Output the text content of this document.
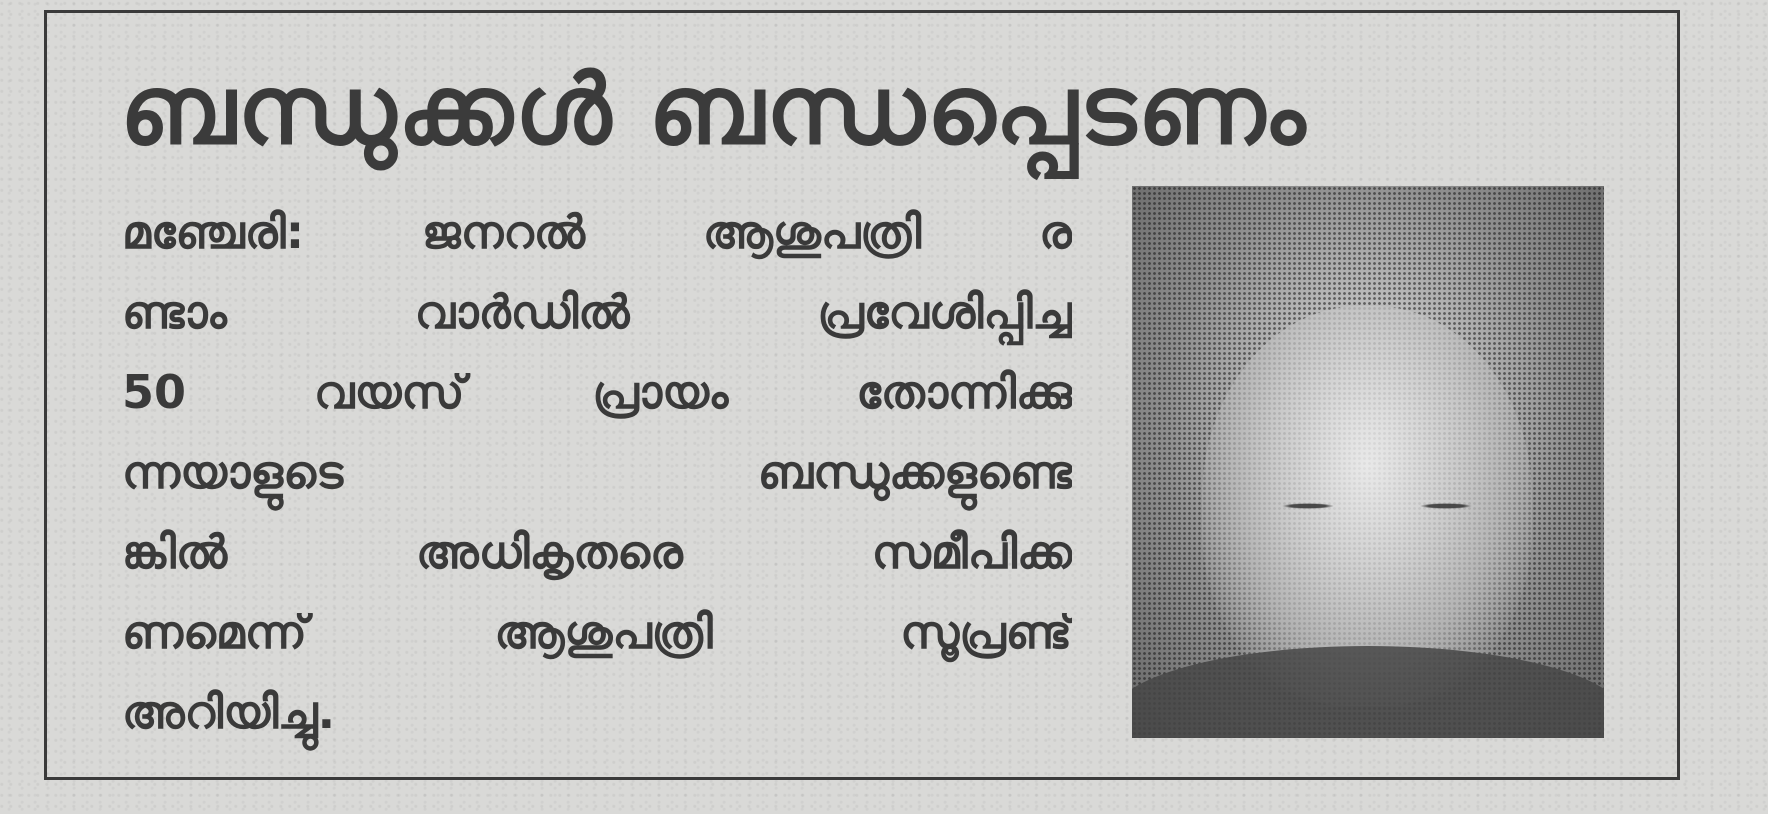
ബന്ധുക്കൾ ബന്ധപ്പെടണം
മഞ്ചേരി: ജനറൽ ആശുപത്രി ര
ണ്ടാം വാർഡിൽ പ്രവേശിപ്പിച്ച
50 വയസ് പ്രായം തോന്നിക്കു
ന്നയാളുടെ ബന്ധുക്കളുണ്ടെ
ങ്കിൽ അധികൃതരെ സമീപിക്ക
ണമെന്ന് ആശുപത്രി സൂപ്രണ്ട്
അറിയിച്ചു.
